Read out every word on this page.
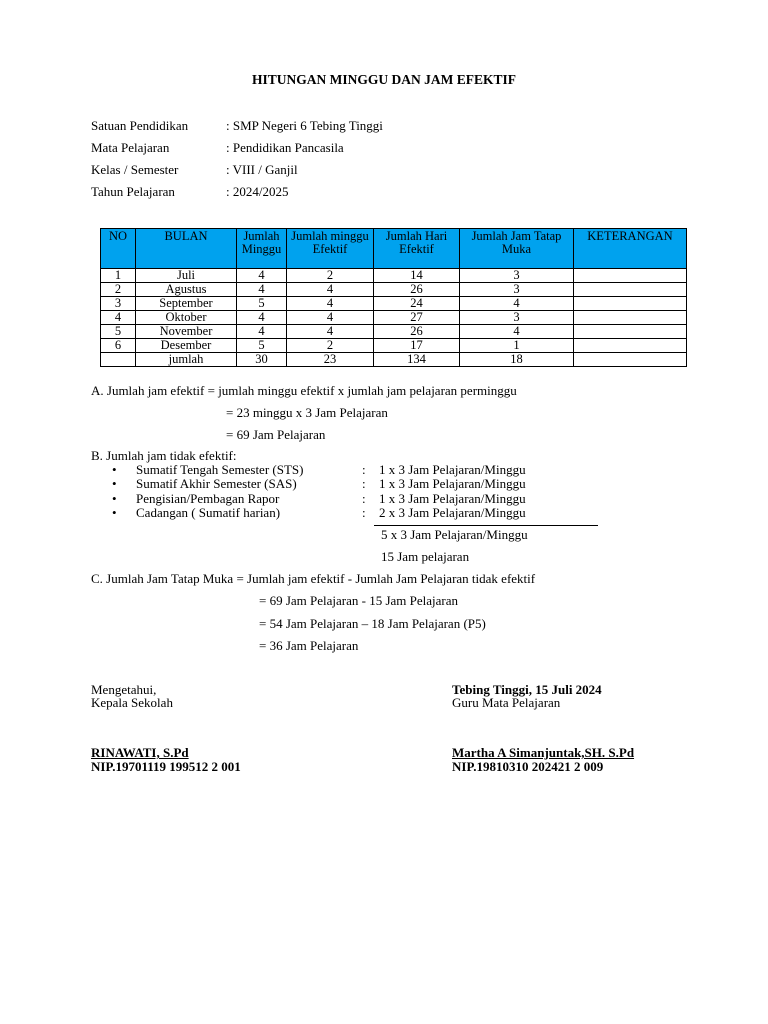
HITUNGAN MINGGU DAN JAM EFEKTIF
Satuan Pendidikan	: SMP Negeri 6 Tebing Tinggi
Mata Pelajaran	: Pendidikan Pancasila
Kelas / Semester	: VIII / Ganjil
Tahun Pelajaran	: 2024/2025
NO	BULAN	Jumlah Minggu	Jumlah minggu Efektif	Jumlah Hari Efektif	Jumlah Jam Tatap Muka	KETERANGAN
1	Juli	4	2	14	3	
2	Agustus	4	4	26	3	
3	September	5	4	24	4	
4	Oktober	4	4	27	3	
5	November	4	4	26	4	
6	Desember	5	2	17	1	
	jumlah	30	23	134	18	
A. Jumlah jam efektif = jumlah minggu efektif x jumlah jam pelajaran perminggu
= 23 minggu x 3 Jam Pelajaran
= 69 Jam Pelajaran
B. Jumlah jam tidak efektif:
• Sumatif Tengah Semester (STS)	: 1 x 3 Jam Pelajaran/Minggu
• Sumatif Akhir Semester (SAS)	: 1 x 3 Jam Pelajaran/Minggu
• Pengisian/Pembagan Rapor	: 1 x 3 Jam Pelajaran/Minggu
• Cadangan ( Sumatif harian)	: 2 x 3 Jam Pelajaran/Minggu
5 x 3 Jam Pelajaran/Minggu
15 Jam pelajaran
C. Jumlah Jam Tatap Muka = Jumlah jam efektif - Jumlah Jam Pelajaran tidak efektif
= 69 Jam Pelajaran - 15 Jam Pelajaran
= 54 Jam Pelajaran – 18 Jam Pelajaran (P5)
= 36 Jam Pelajaran
Mengetahui,
Kepala Sekolah
RINAWATI, S.Pd
NIP.19701119 199512 2 001
Tebing Tinggi, 15 Juli 2024
Guru Mata Pelajaran
Martha A Simanjuntak,SH. S.Pd
NIP.19810310 202421 2 009
